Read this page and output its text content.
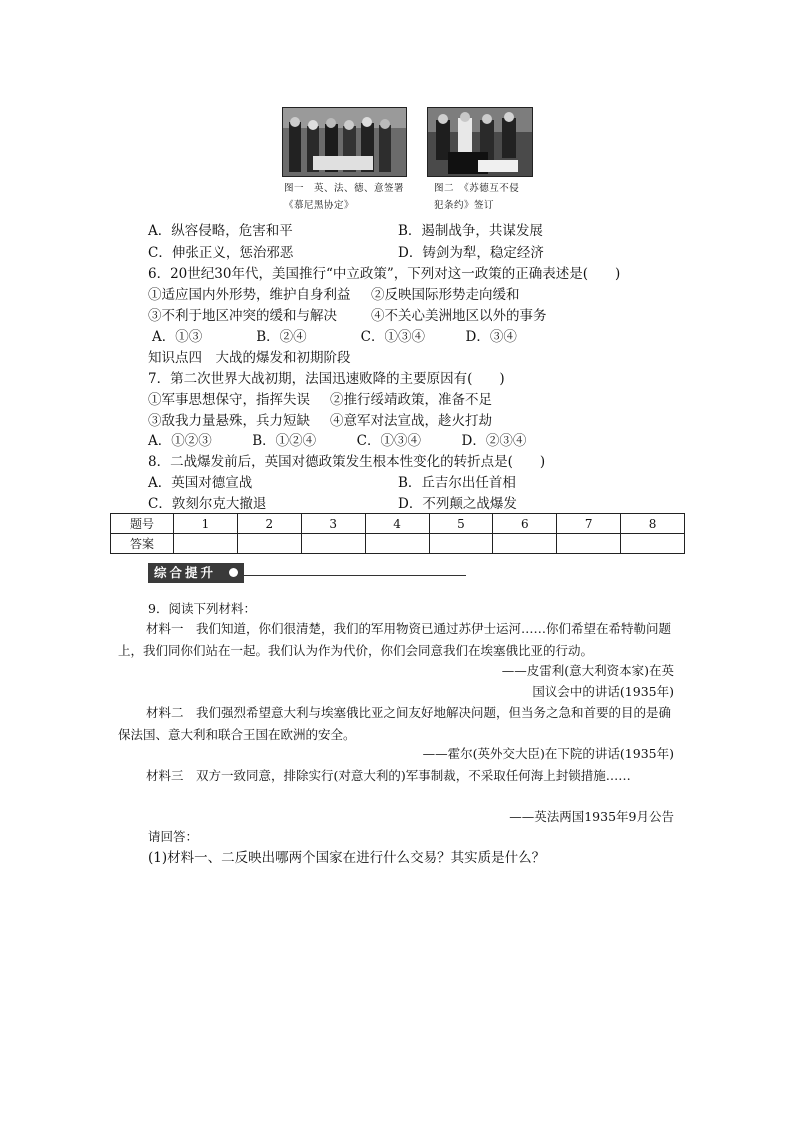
图一　英、法、德、意签署
《慕尼黑协定》
图二　《苏德互不侵
犯条约》签订
A．纵容侵略，危害和平	B．遏制战争，共谋发展
C．伸张正义，惩治邪恶	D．铸剑为犁，稳定经济
6．20世纪30年代，美国推行“中立政策”，下列对这一政策的正确表述是(　　)
①适应国内外形势，维护自身利益 ②反映国际形势走向缓和
③不利于地区冲突的缓和与解决	④不关心美洲地区以外的事务
A．①③　　　　B．②④　　　　C．①③④　　　D．③④
知识点四　大战的爆发和初期阶段
7．第二次世界大战初期，法国迅速败降的主要原因有(　　)
①军事思想保守，指挥失误 ②推行绥靖政策，准备不足
③敌我力量悬殊，兵力短缺 ④意军对法宣战，趁火打劫
A．①②③　　　B．①②④　　　C．①③④　　　D．②③④
8．二战爆发前后，英国对德政策发生根本性变化的转折点是(　　)
A．英国对德宣战	B．丘吉尔出任首相
C．敦刻尔克大撤退	D．不列颠之战爆发
题号	1	2	3	4	5	6	7	8
答案								
综合提升
9．阅读下列材料：
材料一　我们知道，你们很清楚，我们的军用物资已通过苏伊士运河……你们希望在希特勒问题上，我们同你们站在一起。我们认为作为代价，你们会同意我们在埃塞俄比亚的行动。
——皮雷利(意大利资本家)在英
国议会中的讲话(1935年)
材料二　我们强烈希望意大利与埃塞俄比亚之间友好地解决问题，但当务之急和首要的目的是确保法国、意大利和联合王国在欧洲的安全。
——霍尔(英外交大臣)在下院的讲话(1935年)
材料三　双方一致同意，排除实行(对意大利的)军事制裁，不采取任何海上封锁措施……
——英法两国1935年9月公告
请回答：
(1)材料一、二反映出哪两个国家在进行什么交易？其实质是什么？
